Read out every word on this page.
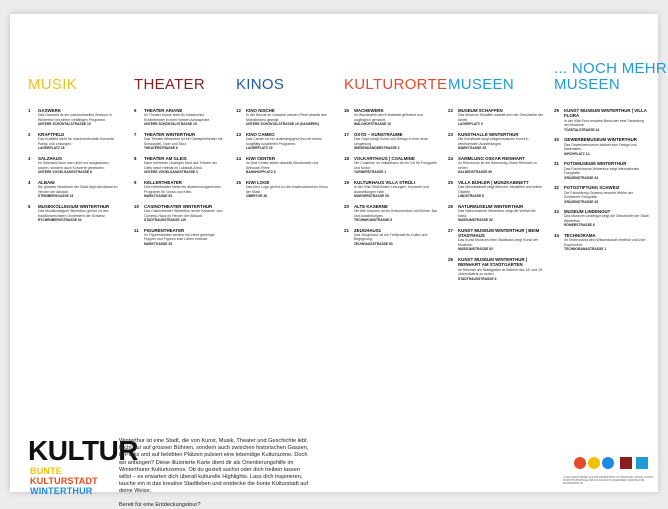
MUSIK	THEATER KINOS	KULTURORTE MUSEEN
... NOCH MEHR
MUSEEN
1	GASWERK
Das Gaswerk ist ein soziokulturelles Zentrum in Winterthur mit einem vielfältigen Programm.
UNTERE SCHÖNTALSTRASSE 19
2	KRAFTFELD
Das Kraftfeld steht für unkonventionelle Konzerte, Partys und Lesungen.
LAGERPLATZ 18
3	SALZHAUS
Im Salzhaus kann man nicht nur ausgelassen tanzen, sondern auch Konzerte geniessen.
UNTERE VOGELSANGSTRASSE 6
4	ALBANI
Als grösster Musikclub der Stadt liegt das Albani im Herzen der Altstadt.
STEINBERGGASSE 16
5	MUSIKKOLLEGIUM WINTERTHUR
Das Musikkollegium Winterthur gehört zu den traditionsreichsten Orchestern der Schweiz.
RYCHENBERGSTRASSE 94
6	THEATER ARIANE
Im Theater Ariane steht für klassisches Erzähltheater in einer intimen Atmosphäre.
UNTERE SCHÖNTALSTRASSE 19
7	THEATER WINTERTHUR
Das Theater Winterthur ist ein Gastspieltheater mit Schauspiel, Oper und Tanz.
THEATERSTRASSE 6
8	THEATER AM GLEIS
Nach mehreren Umzügen fand das Theater am Gleis seine Heimat im Lokstadt-Areal.
UNTERE VOGELSANGSTRASSE 3
9	KELLERTHEATER
Das Kellertheater bietet ein abwechslungsreiches Programm für Gross und Klein.
MARKTGASSE 53
10	CASINOTHEATER WINTERTHUR
Das Casinotheater Winterthur ist ein Kabarett- und Comedy-Haus im Herzen der Altstadt.
STADTHAUSSTRASSE 119
11	FIGURENTHEATER
Im Figurentheater werden mit Liebe gefertigte Puppen und Figuren zum Leben erweckt.
MARKTGASSE 25
12	KINO NISCHE
In der Nische im Gaswerk werden Filme abseits des Mainstreams gezeigt.
UNTERE SCHÖNTALSTRASSE 19 (GASWERK)
13	KINO CAMEO
Das Cameo ist ein unabhängiges Kino mit einem sorgfältig kuratierten Programm.
LAGERPLATZ 19
14	KIWI CENTER
Im Kiwi Center laufen aktuelle Blockbuster und Arthouse-Filme.
BAHNHOFPLATZ 6
15	KIWI LOGE
Das Kino Loge gehört zu den traditionsreichen Kinos der Stadt.
OBERTOR 46
16	WACHEWERK
Im Wachewerk wird Kreativität gefördert und zugänglich gemacht.
WALDHOFSTRASSE 19
17	OXYD – KUNSTRÄUME
Das Oxyd bringt Kunst und Design in eine neue Umgebung.
WIESENDANGERSTRASSE 2
18	VOLKARTHAUS | COALMINE
Die Coalmine im Volkarthaus ist ein Ort für Fotografie und Kultur.
TURNERSTRASSE 1
19	KULTURHAUS VILLA STRÜLI
In der Villa Strüli finden Lesungen, Konzerte und Ausstellungen statt.
MURGERSTRASSE 26
20	ALTE KASERNE
Die Alte Kaserne ist ein Kulturzentrum mit Bühne, Bar und Ausstellungen.
TECHNIKUMSTRASSE 8
21	ZEUGHAUS1
Das Zeughaus1 ist ein Treffpunkt für Kultur und Begegnung.
ZEUGHAUSSTRASSE 60
22	MUSEUM SCHAFFEN
Das Museum Schaffen widmet sich der Geschichte der Arbeit.
LAGERPLATZ 9
23	KUNSTHALLE WINTERTHUR
Die Kunsthalle zeigt zeitgenössische Kunst in wechselnden Ausstellungen.
MARKTGASSE 25
24	SAMMLUNG OSKAR REINHART
Im Römerholz ist die Sammlung Oskar Reinhart zu sehen.
HALDENSTRASSE 95
25	VILLA BÜHLER | MÜNZKABINETT
Das Münzkabinett zeigt Münzen, Medaillen und antike Objekte.
LINDSTRASSE 8
26	NATURMUSEUM WINTERTHUR
Das Naturmuseum Winterthur zeigt die Vielfalt der Natur.
MUSEUMSTRASSE 52
27	KUNST MUSEUM WINTERTHUR | BEIM STADTHAUS
Das Kunst Museum beim Stadthaus zeigt Kunst der Moderne.
MUSEUMSTRASSE 52
28	KUNST MUSEUM WINTERTHUR | REINHART AM STADTGARTEN
Im Reinhart am Stadtgarten ist Malerei des 18. und 19. Jahrhunderts zu sehen.
STADTHAUSSTRASSE 6
29	KUNST MUSEUM WINTERTHUR | VILLA FLORA
In der Villa Flora erwartet Besucher eine Sammlung der Moderne.
TÖSSTALSTRASSE 44
30	GEWERBEMUSEUM WINTERTHUR
Das Gewerbemuseum widmet sich Design und Materialien.
KIRCHPLATZ 14
31	FOTOMUSEUM WINTERTHUR
Das Fotomuseum Winterthur zeigt internationale Fotografie.
GRÜZENSTRASSE 44
32	FOTOSTIFTUNG SCHWEIZ
Die Fotostiftung Schweiz bewahrt Werke der Schweizer Fotografie.
GRÜZENSTRASSE 45
33	MUSEUM LINDENGUT
Das Museum Lindengut zeigt die Geschichte der Stadt Winterthur.
RÖMERSTRASSE 8
34	TECHNORAMA
Im Technorama wird Wissenschaft erlebbar und zum Experiment.
TECHNORAMASTRASSE 1
KULTUR
BUNTE
KULTURSTADT
WINTERTHUR
Winterthur ist eine Stadt, die von Kunst, Musik, Theater und Geschichte lebt. Nicht nur auf grossen Bühnen, sondern auch zwischen historischen Gassen, in Parks und auf belebten Plätzen pulsiert eine lebendige Kulturszene. Doch wo anfangen? Diese illustrierte Karte dient dir als Orientierungshilfe im Winterthurer Kulturkosmos. Ob du gezielt suchst oder dich treiben lassen willst – es erwarten dich überall kulturelle Highlights. Lass dich inspirieren, tauche ein in das kreative Stadtleben und entdecke die bunte Kulturstadt auf deine Weise.
Bereit für eine Entdeckungstour?
© 2025 LENA TOBLER. KULTUR WINTERTHUR. ILLUSTRATION, TEXTE, LAYOUT. KUNSTHOCHSCHULE. DRUCK AUF RECYCLINGPAPIER. WWW.KULTUR-WINTERTHUR.CH
